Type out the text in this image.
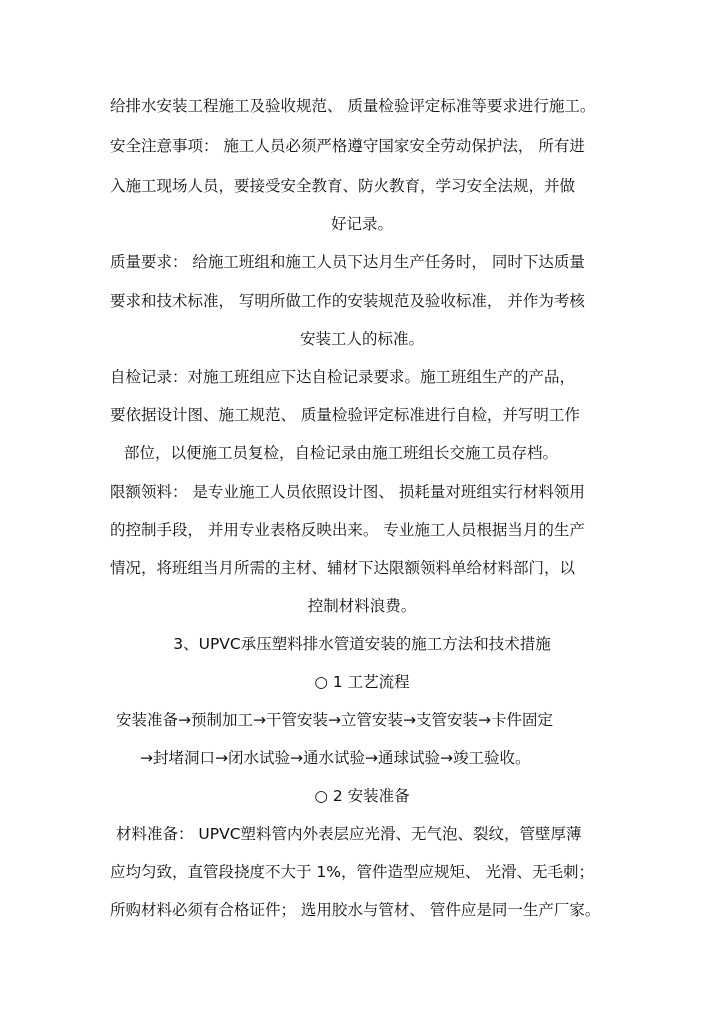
给排水安装工程施工及验收规范、 质量检验评定标准等要求进行施工。
安全注意事项： 施工人员必须严格遵守国家安全劳动保护法， 所有进
入施工现场人员，要接受安全教育、防火教育，学习安全法规，并做
好记录。
质量要求： 给施工班组和施工人员下达月生产任务时， 同时下达质量
要求和技术标准， 写明所做工作的安装规范及验收标准， 并作为考核
安装工人的标准。
自检记录：对施工班组应下达自检记录要求。施工班组生产的产品，
要依据设计图、施工规范、 质量检验评定标准进行自检，并写明工作
部位，以便施工员复检，自检记录由施工班组长交施工员存档。
限额领料： 是专业施工人员依照设计图、 损耗量对班组实行材料领用
的控制手段， 并用专业表格反映出来。 专业施工人员根据当月的生产
情况，将班组当月所需的主材、辅材下达限额领料单给材料部门，以
控制材料浪费。
3、UPVC承压塑料排水管道安装的施工方法和技术措施
○ 1 工艺流程
安装准备→预制加工→干管安装→立管安装→支管安装→卡件固定
→封堵洞口→闭水试验→通水试验→通球试验→竣工验收。
○ 2 安装准备
材料准备： UPVC塑料管内外表层应光滑、无气泡、裂纹，管壁厚薄
应均匀致，直管段挠度不大于 1%，管件造型应规矩、 光滑、无毛刺；
所购材料必须有合格证件； 选用胶水与管材、 管件应是同一生产厂家。
